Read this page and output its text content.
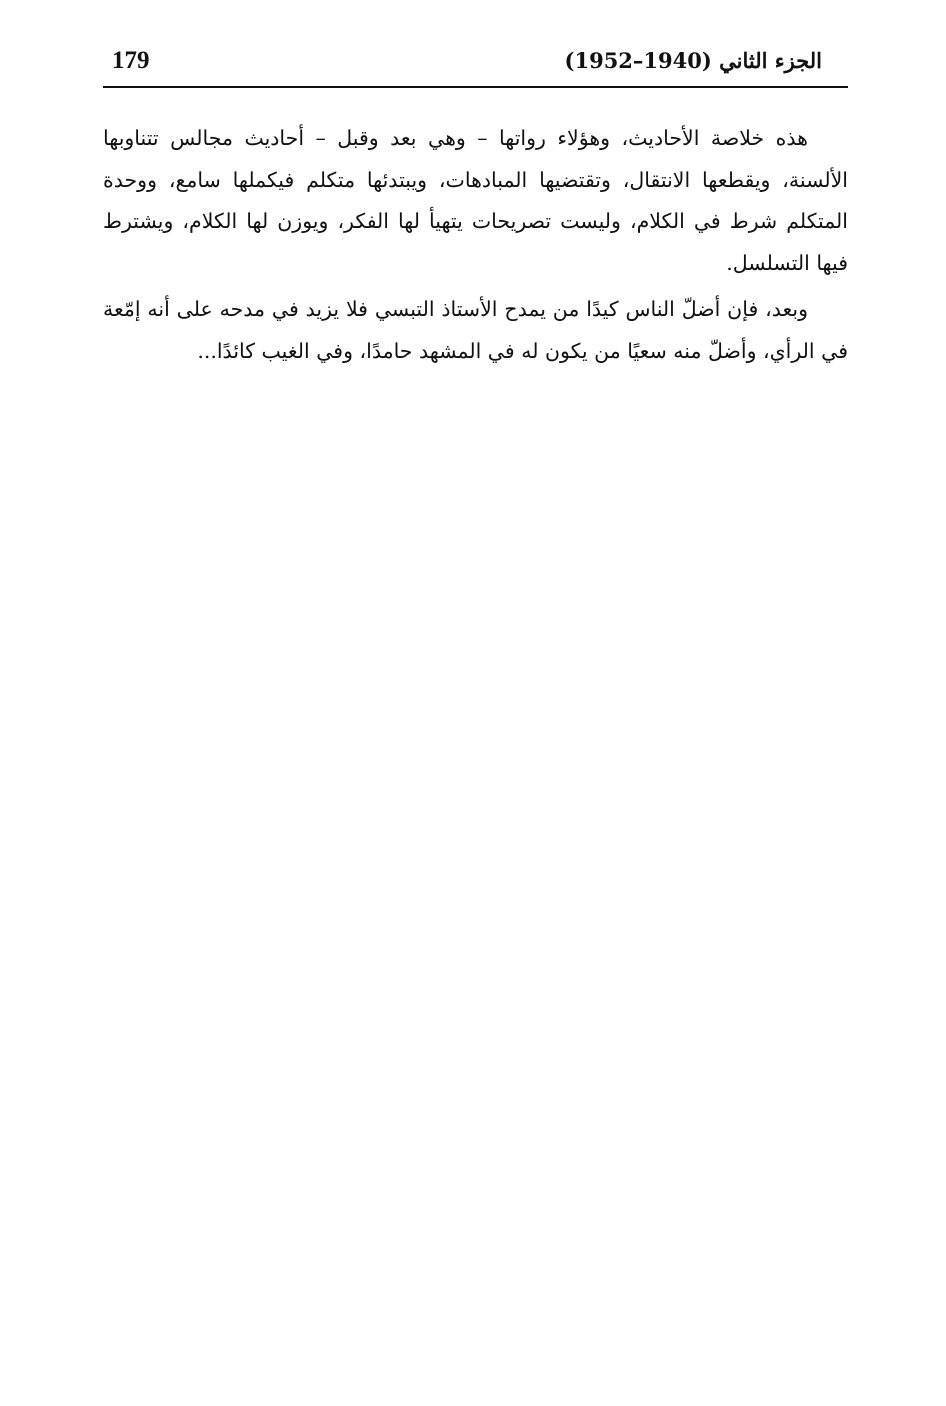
179	الجزء الثاني (1940–1952)

هذه خلاصة الأحاديث، وهؤلاء رواتها – وهي بعد وقبل – أحاديث مجالس تتناوبها الألسنة، ويقطعها الانتقال، وتقتضيها المبادهات، ويبتدئها متكلم فيكملها سامع، ووحدة المتكلم شرط في الكلام، وليست تصريحات يتهيأ لها الفكر، ويوزن لها الكلام، ويشترط فيها التسلسل.

وبعد، فإن أضلّ الناس كيدًا من يمدح الأستاذ التبسي فلا يزيد في مدحه على أنه إمّعة في الرأي، وأضلّ منه سعيًا من يكون له في المشهد حامدًا، وفي الغيب كائدًا...
